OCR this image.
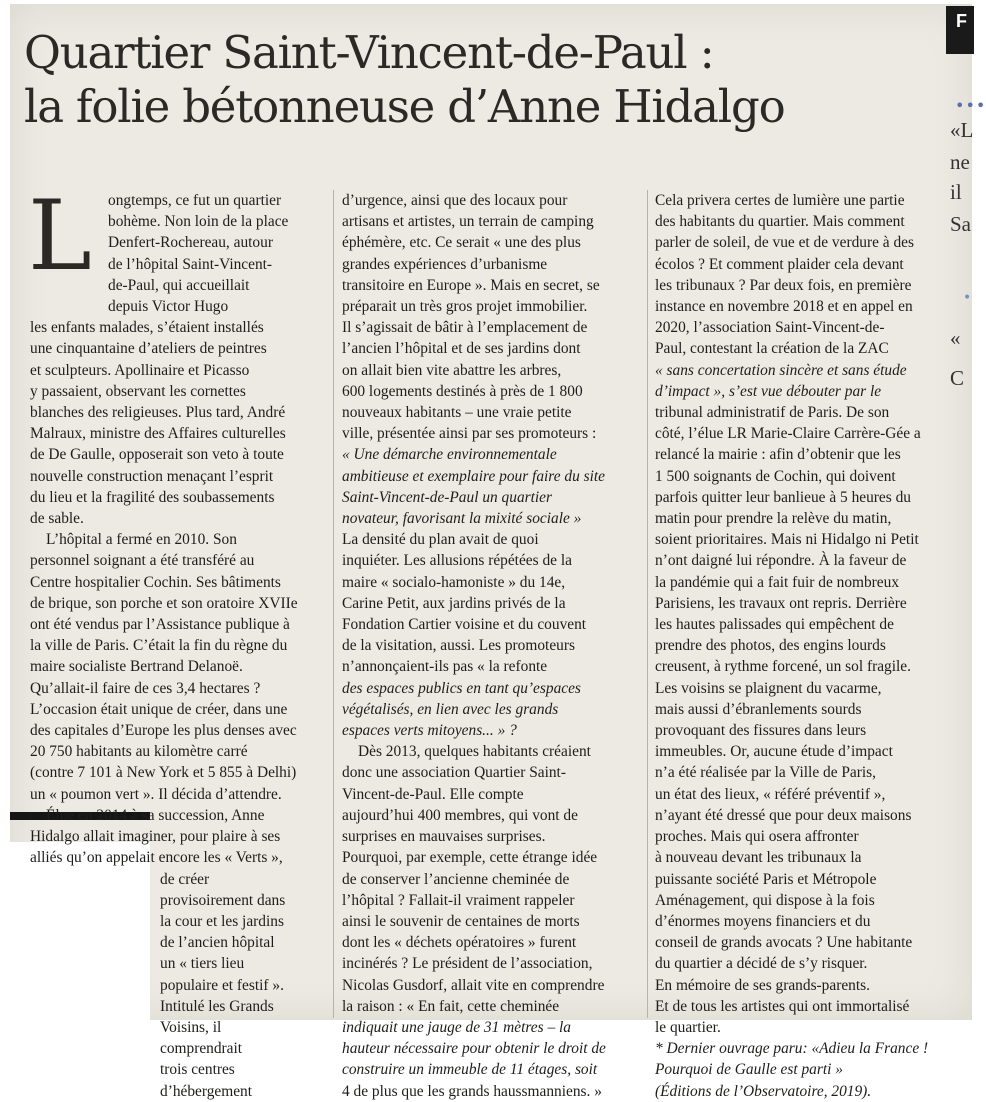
Quartier Saint-Vincent-de-Paul :
la folie bétonneuse d’Anne Hidalgo
F
•••
•
«L
ne
il
Sa
«
C
L	ongtemps, ce fut un quartier

bohème. Non loin de la place

Denfert-Rochereau, autour

de l’hôpital Saint-Vincent-

de-Paul, qui accueillait

depuis Victor Hugo

les enfants malades, s’étaient installés

une cinquantaine d’ateliers de peintres

et sculpteurs. Apollinaire et Picasso

y passaient, observant les cornettes

blanches des religieuses. Plus tard, André

Malraux, ministre des Affaires culturelles

de De Gaulle, opposerait son veto à toute

nouvelle construction menaçant l’esprit

du lieu et la fragilité des soubassements

de sable.

L’hôpital a fermé en 2010. Son

personnel soignant a été transféré au

Centre hospitalier Cochin. Ses bâtiments

de brique, son porche et son oratoire XVIIe

ont été vendus par l’Assistance publique à

la ville de Paris. C’était la fin du règne du

maire socialiste Bertrand Delanoë.

Qu’allait-il faire de ces 3,4 hectares ?

L’occasion était unique de créer, dans une

des capitales d’Europe les plus denses avec

20 750 habitants au kilomètre carré

(contre 7 101 à New York et 5 855 à Delhi)

un « poumon vert ». Il décida d’attendre.

Élue en 2014 à sa succession, Anne

Hidalgo allait imaginer, pour plaire à ses

alliés qu’on appelait encore les « Verts »,

de créer

provisoirement dans

la cour et les jardins

de l’ancien hôpital

un « tiers lieu

populaire et festif ».

Intitulé les Grands

Voisins, il

comprendrait

trois centres

d’hébergement

d’urgence, ainsi que des locaux pour

artisans et artistes, un terrain de camping

éphémère, etc. Ce serait « une des plus

grandes expériences d’urbanisme

transitoire en Europe ». Mais en secret, se

préparait un très gros projet immobilier.

Il s’agissait de bâtir à l’emplacement de

l’ancien l’hôpital et de ses jardins dont

on allait bien vite abattre les arbres,

600 logements destinés à près de 1 800

nouveaux habitants – une vraie petite

ville, présentée ainsi par ses promoteurs :

« Une démarche environnementale

ambitieuse et exemplaire pour faire du site

Saint-Vincent-de-Paul un quartier

novateur, favorisant la mixité sociale »

La densité du plan avait de quoi

inquiéter. Les allusions répétées de la

maire « socialo-hamoniste » du 14e,

Carine Petit, aux jardins privés de la

Fondation Cartier voisine et du couvent

de la visitation, aussi. Les promoteurs

n’annonçaient-ils pas « la refonte

des espaces publics en tant qu’espaces

végétalisés, en lien avec les grands

espaces verts mitoyens... » ?

Dès 2013, quelques habitants créaient

donc une association Quartier Saint-

Vincent-de-Paul. Elle compte

aujourd’hui 400 membres, qui vont de

surprises en mauvaises surprises.

Pourquoi, par exemple, cette étrange idée

de conserver l’ancienne cheminée de

l’hôpital ? Fallait-il vraiment rappeler

ainsi le souvenir de centaines de morts

dont les « déchets opératoires » furent

incinérés ? Le président de l’association,

Nicolas Gusdorf, allait vite en comprendre

la raison : « En fait, cette cheminée

indiquait une jauge de 31 mètres – la

hauteur nécessaire pour obtenir le droit de

construire un immeuble de 11 étages, soit

4 de plus que les grands haussmanniens. »

Cela privera certes de lumière une partie

des habitants du quartier. Mais comment

parler de soleil, de vue et de verdure à des

écolos ? Et comment plaider cela devant

les tribunaux ? Par deux fois, en première

instance en novembre 2018 et en appel en

2020, l’association Saint-Vincent-de-

Paul, contestant la création de la ZAC

« sans concertation sincère et sans étude

d’impact », s’est vue débouter par le

tribunal administratif de Paris. De son

côté, l’élue LR Marie-Claire Carrère-Gée a

relancé la mairie : afin d’obtenir que les

1 500 soignants de Cochin, qui doivent

parfois quitter leur banlieue à 5 heures du

matin pour prendre la relève du matin,

soient prioritaires. Mais ni Hidalgo ni Petit

n’ont daigné lui répondre. À la faveur de

la pandémie qui a fait fuir de nombreux

Parisiens, les travaux ont repris. Derrière

les hautes palissades qui empêchent de

prendre des photos, des engins lourds

creusent, à rythme forcené, un sol fragile.

Les voisins se plaignent du vacarme,

mais aussi d’ébranlements sourds

provoquant des fissures dans leurs

immeubles. Or, aucune étude d’impact

n’a été réalisée par la Ville de Paris,

un état des lieux, « référé préventif »,

n’ayant été dressé que pour deux maisons

proches. Mais qui osera affronter

à nouveau devant les tribunaux la

puissante société Paris et Métropole

Aménagement, qui dispose à la fois

d’énormes moyens financiers et du

conseil de grands avocats ? Une habitante

du quartier a décidé de s’y risquer.

En mémoire de ses grands-parents.

Et de tous les artistes qui ont immortalisé

le quartier.

* Dernier ouvrage paru: «Adieu la France !

Pourquoi de Gaulle est parti »

(Éditions de l’Observatoire, 2019).
